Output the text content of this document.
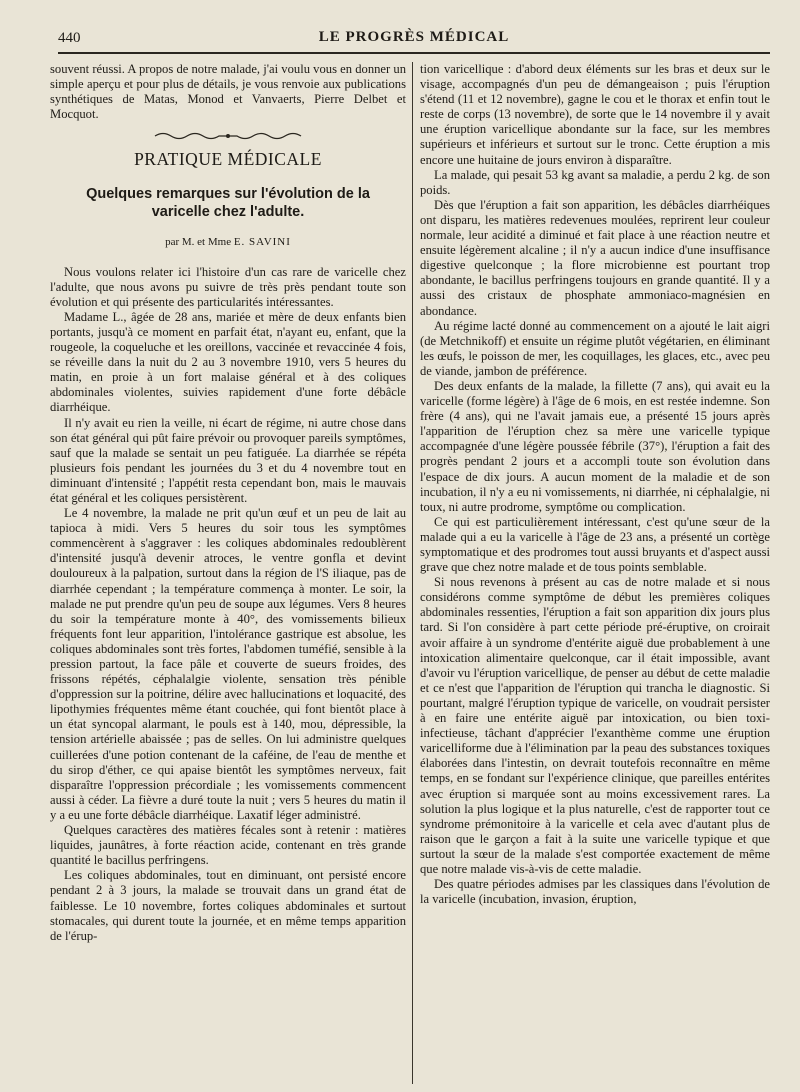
440	LE PROGRÈS MÉDICAL

souvent réussi. A propos de notre malade, j'ai voulu vous en donner un simple aperçu et pour plus de détails, je vous renvoie aux publications synthétiques de Matas, Monod et Vanvaerts, Pierre Delbet et Mocquot.

PRATIQUE MÉDICALE
Quelques remarques sur l'évolution de la varicelle chez l'adulte.
par M. et Mme E. SAVINI

Nous voulons relater ici l'histoire d'un cas rare de varicelle chez l'adulte, que nous avons pu suivre de très près pendant toute son évolution et qui présente des particularités intéressantes.

Madame L., âgée de 28 ans, mariée et mère de deux enfants bien portants, jusqu'à ce moment en parfait état, n'ayant eu, enfant, que la rougeole, la coqueluche et les oreillons, vaccinée et revaccinée 4 fois, se réveille dans la nuit du 2 au 3 novembre 1910, vers 5 heures du matin, en proie à un fort malaise général et à des coliques abdominales violentes, suivies rapidement d'une forte débâcle diarrhéique.

Il n'y avait eu rien la veille, ni écart de régime, ni autre chose dans son état général qui pût faire prévoir ou provoquer pareils symptômes, sauf que la malade se sentait un peu fatiguée. La diarrhée se répéta plusieurs fois pendant les journées du 3 et du 4 novembre tout en diminuant d'intensité ; l'appétit resta cependant bon, mais le mauvais état général et les coliques persistèrent.

Le 4 novembre, la malade ne prit qu'un œuf et un peu de lait au tapioca à midi. Vers 5 heures du soir tous les symptômes commencèrent à s'aggraver : les coliques abdominales redoublèrent d'intensité jusqu'à devenir atroces, le ventre gonfla et devint douloureux à la palpation, surtout dans la région de l'S iliaque, pas de diarrhée cependant ; la température commença à monter. Le soir, la malade ne put prendre qu'un peu de soupe aux légumes. Vers 8 heures du soir la température monte à 40°, des vomissements bilieux fréquents font leur apparition, l'intolérance gastrique est absolue, les coliques abdominales sont très fortes, l'abdomen tuméfié, sensible à la pression partout, la face pâle et couverte de sueurs froides, des frissons répétés, céphalalgie violente, sensation très pénible d'oppression sur la poitrine, délire avec hallucinations et loquacité, des lipothymies fréquentes même étant couchée, qui font bientôt place à un état syncopal alarmant, le pouls est à 140, mou, dépressible, la tension artérielle abaissée ; pas de selles. On lui administre quelques cuillerées d'une potion contenant de la caféine, de l'eau de menthe et du sirop d'éther, ce qui apaise bientôt les symptômes nerveux, fait disparaître l'oppression précordiale ; les vomissements commencent aussi à céder. La fièvre a duré toute la nuit ; vers 5 heures du matin il y a eu une forte débâcle diarrhéique. Laxatif léger administré.

Quelques caractères des matières fécales sont à retenir : matières liquides, jaunâtres, à forte réaction acide, contenant en très grande quantité le bacillus perfringens.

Les coliques abdominales, tout en diminuant, ont persisté encore pendant 2 à 3 jours, la malade se trouvait dans un grand état de faiblesse. Le 10 novembre, fortes coliques abdominales et surtout stomacales, qui durent toute la journée, et en même temps apparition de l'érup-

tion varicellique : d'abord deux éléments sur les bras et deux sur le visage, accompagnés d'un peu de démangeaison ; puis l'éruption s'étend (11 et 12 novembre), gagne le cou et le thorax et enfin tout le reste de corps (13 novembre), de sorte que le 14 novembre il y avait une éruption varicellique abondante sur la face, sur les membres supérieurs et inférieurs et surtout sur le tronc. Cette éruption a mis encore une huitaine de jours environ à disparaître.

La malade, qui pesait 53 kg avant sa maladie, a perdu 2 kg. de son poids.

Dès que l'éruption a fait son apparition, les débâcles diarrhéiques ont disparu, les matières redevenues moulées, reprirent leur couleur normale, leur acidité a diminué et fait place à une réaction neutre et ensuite légèrement alcaline ; il n'y a aucun indice d'une insuffisance digestive quelconque ; la flore microbienne est pourtant trop abondante, le bacillus perfringens toujours en grande quantité. Il y a aussi des cristaux de phosphate ammoniaco-magnésien en abondance.

Au régime lacté donné au commencement on a ajouté le lait aigri (de Metchnikoff) et ensuite un régime plutôt végétarien, en éliminant les œufs, le poisson de mer, les coquillages, les glaces, etc., avec peu de viande, jambon de préférence.

Des deux enfants de la malade, la fillette (7 ans), qui avait eu la varicelle (forme légère) à l'âge de 6 mois, en est restée indemne. Son frère (4 ans), qui ne l'avait jamais eue, a présenté 15 jours après l'apparition de l'éruption chez sa mère une varicelle typique accompagnée d'une légère poussée fébrile (37°), l'éruption a fait des progrès pendant 2 jours et a accompli toute son évolution dans l'espace de dix jours. A aucun moment de la maladie et de son incubation, il n'y a eu ni vomissements, ni diarrhée, ni céphalalgie, ni toux, ni autre prodrome, symptôme ou complication.

Ce qui est particulièrement intéressant, c'est qu'une sœur de la malade qui a eu la varicelle à l'âge de 23 ans, a présenté un cortège symptomatique et des prodromes tout aussi bruyants et d'aspect aussi grave que chez notre malade et de tous points semblable.

Si nous revenons à présent au cas de notre malade et si nous considérons comme symptôme de début les premières coliques abdominales ressenties, l'éruption a fait son apparition dix jours plus tard. Si l'on considère à part cette période pré-éruptive, on croirait avoir affaire à un syndrome d'entérite aiguë due probablement à une intoxication alimentaire quelconque, car il était impossible, avant d'avoir vu l'éruption varicellique, de penser au début de cette maladie et ce n'est que l'apparition de l'éruption qui trancha le diagnostic. Si pourtant, malgré l'éruption typique de varicelle, on voudrait persister à en faire une entérite aiguë par intoxication, ou bien toxi-infectieuse, tâchant d'apprécier l'exanthème comme une éruption varicelliforme due à l'élimination par la peau des substances toxiques élaborées dans l'intestin, on devrait toutefois reconnaître en même temps, en se fondant sur l'expérience clinique, que pareilles entérites avec éruption si marquée sont au moins excessivement rares. La solution la plus logique et la plus naturelle, c'est de rapporter tout ce syndrome prémonitoire à la varicelle et cela avec d'autant plus de raison que le garçon a fait à la suite une varicelle typique et que surtout la sœur de la malade s'est comportée exactement de même que notre malade vis-à-vis de cette maladie.

Des quatre périodes admises par les classiques dans l'évolution de la varicelle (incubation, invasion, éruption,
